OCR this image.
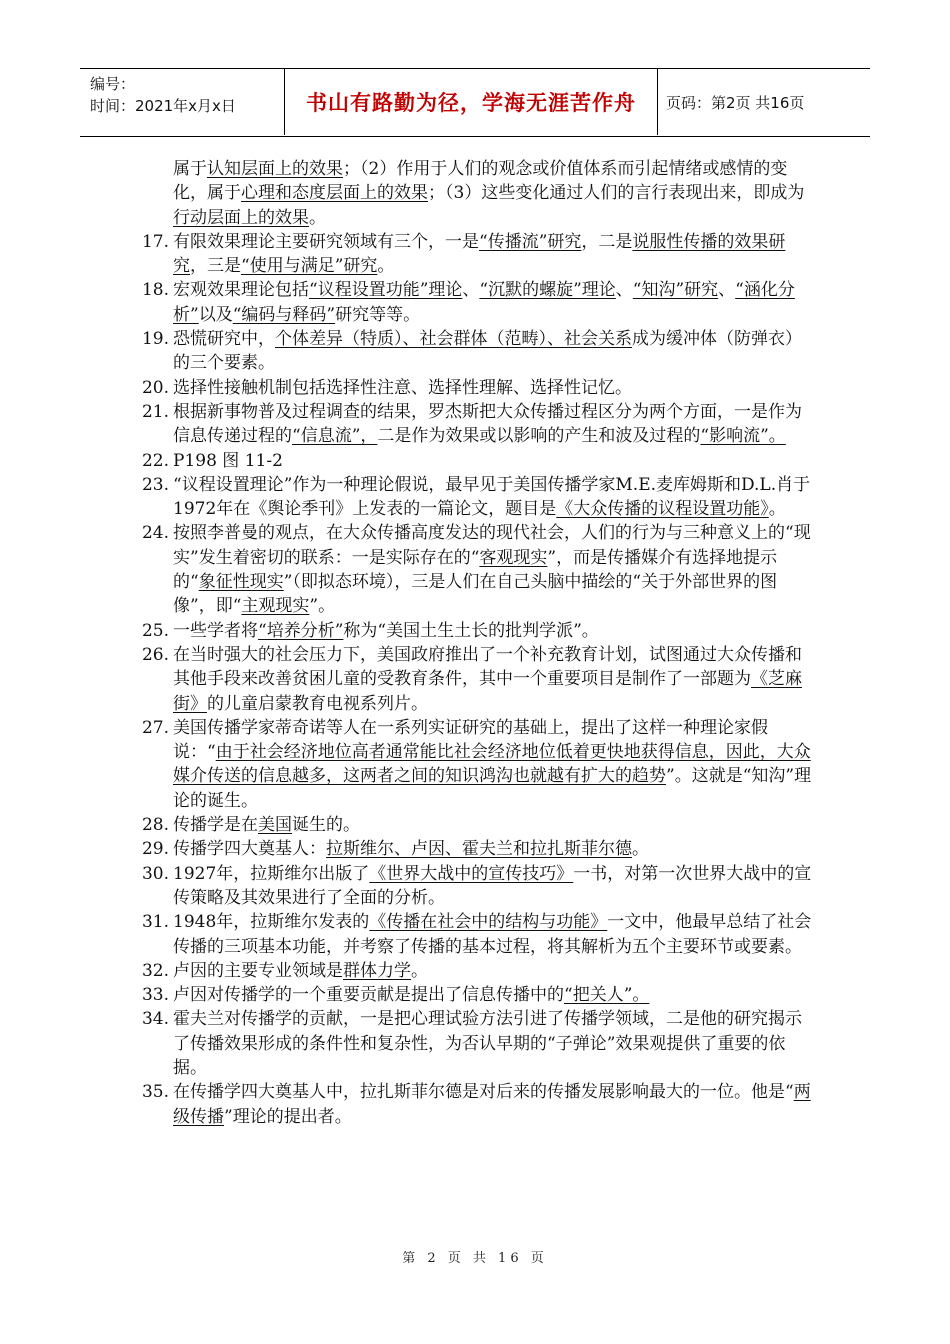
编号：
时间：2021年x月x日	书山有路勤为径，学海无涯苦作舟	页码：第2页 共16页

属于认知层面上的效果；（2）作用于人们的观念或价值体系而引起情绪或感情的变化，属于心理和态度层面上的效果；（3）这些变化通过人们的言行表现出来，即成为行动层面上的效果。

17. 有限效果理论主要研究领域有三个，一是“传播流”研究，二是说服性传播的效果研究，三是“使用与满足”研究。

18. 宏观效果理论包括“议程设置功能”理论、“沉默的螺旋”理论、“知沟”研究、“涵化分析”以及“编码与释码”研究等等。

19. 恐慌研究中，个体差异（特质）、社会群体（范畴）、社会关系成为缓冲体（防弹衣）的三个要素。

20. 选择性接触机制包括选择性注意、选择性理解、选择性记忆。

21. 根据新事物普及过程调查的结果，罗杰斯把大众传播过程区分为两个方面，一是作为信息传递过程的“信息流”，二是作为效果或以影响的产生和波及过程的“影响流”。

22. P198 图 11-2

23. “议程设置理论”作为一种理论假说，最早见于美国传播学家M.E.麦库姆斯和D.L.肖于1972年在《舆论季刊》上发表的一篇论文，题目是《大众传播的议程设置功能》。

24. 按照李普曼的观点，在大众传播高度发达的现代社会，人们的行为与三种意义上的“现实”发生着密切的联系：一是实际存在的“客观现实”，而是传播媒介有选择地提示的“象征性现实”（即拟态环境），三是人们在自己头脑中描绘的“关于外部世界的图像”，即“主观现实”。

25. 一些学者将“培养分析”称为“美国土生土长的批判学派”。

26. 在当时强大的社会压力下，美国政府推出了一个补充教育计划，试图通过大众传播和其他手段来改善贫困儿童的受教育条件，其中一个重要项目是制作了一部题为《芝麻街》的儿童启蒙教育电视系列片。

27. 美国传播学家蒂奇诺等人在一系列实证研究的基础上，提出了这样一种理论家假说：“由于社会经济地位高者通常能比社会经济地位低着更快地获得信息，因此，大众媒介传送的信息越多，这两者之间的知识鸿沟也就越有扩大的趋势”。这就是“知沟”理论的诞生。

28. 传播学是在美国诞生的。

29. 传播学四大奠基人：拉斯维尔、卢因、霍夫兰和拉扎斯菲尔德。

30. 1927年，拉斯维尔出版了《世界大战中的宣传技巧》一书，对第一次世界大战中的宣传策略及其效果进行了全面的分析。

31. 1948年，拉斯维尔发表的《传播在社会中的结构与功能》一文中，他最早总结了社会传播的三项基本功能，并考察了传播的基本过程，将其解析为五个主要环节或要素。

32. 卢因的主要专业领域是群体力学。

33. 卢因对传播学的一个重要贡献是提出了信息传播中的“把关人”。

34. 霍夫兰对传播学的贡献，一是把心理试验方法引进了传播学领域，二是他的研究揭示了传播效果形成的条件性和复杂性，为否认早期的“子弹论”效果观提供了重要的依据。

35. 在传播学四大奠基人中，拉扎斯菲尔德是对后来的传播发展影响最大的一位。他是“两级传播”理论的提出者。

第 2 页 共 16 页
